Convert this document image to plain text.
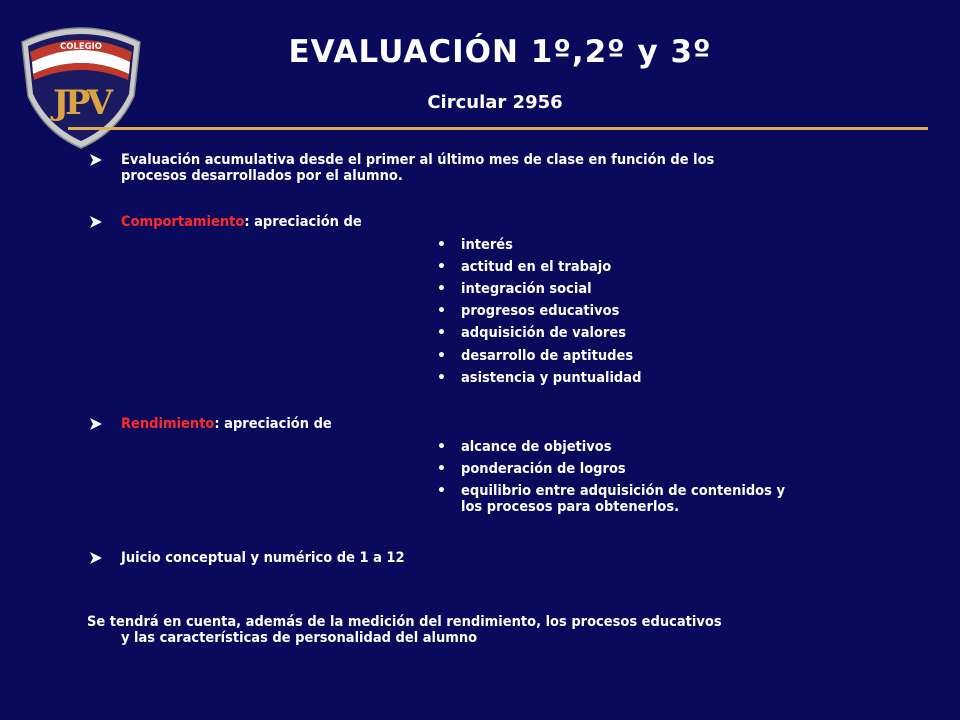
COLEGIO
NACIONAL
JPV
EVALUACIÓN 1º,2º y 3º
Circular 2956
Evaluación acumulativa desde el primer al último mes de clase en función de los
procesos desarrollados por el alumno.
Comportamiento: apreciación de
• interés
• actitud en el trabajo
• integración social
• progresos educativos
• adquisición de valores
• desarrollo de aptitudes
• asistencia y puntualidad
Rendimiento: apreciación de
• alcance de objetivos
• ponderación de logros
• equilibrio entre adquisición de contenidos y
los procesos para obtenerlos.
Juicio conceptual y numérico de 1 a 12
Se tendrá en cuenta, además de la medición del rendimiento, los procesos educativos
y las características de personalidad del alumno
